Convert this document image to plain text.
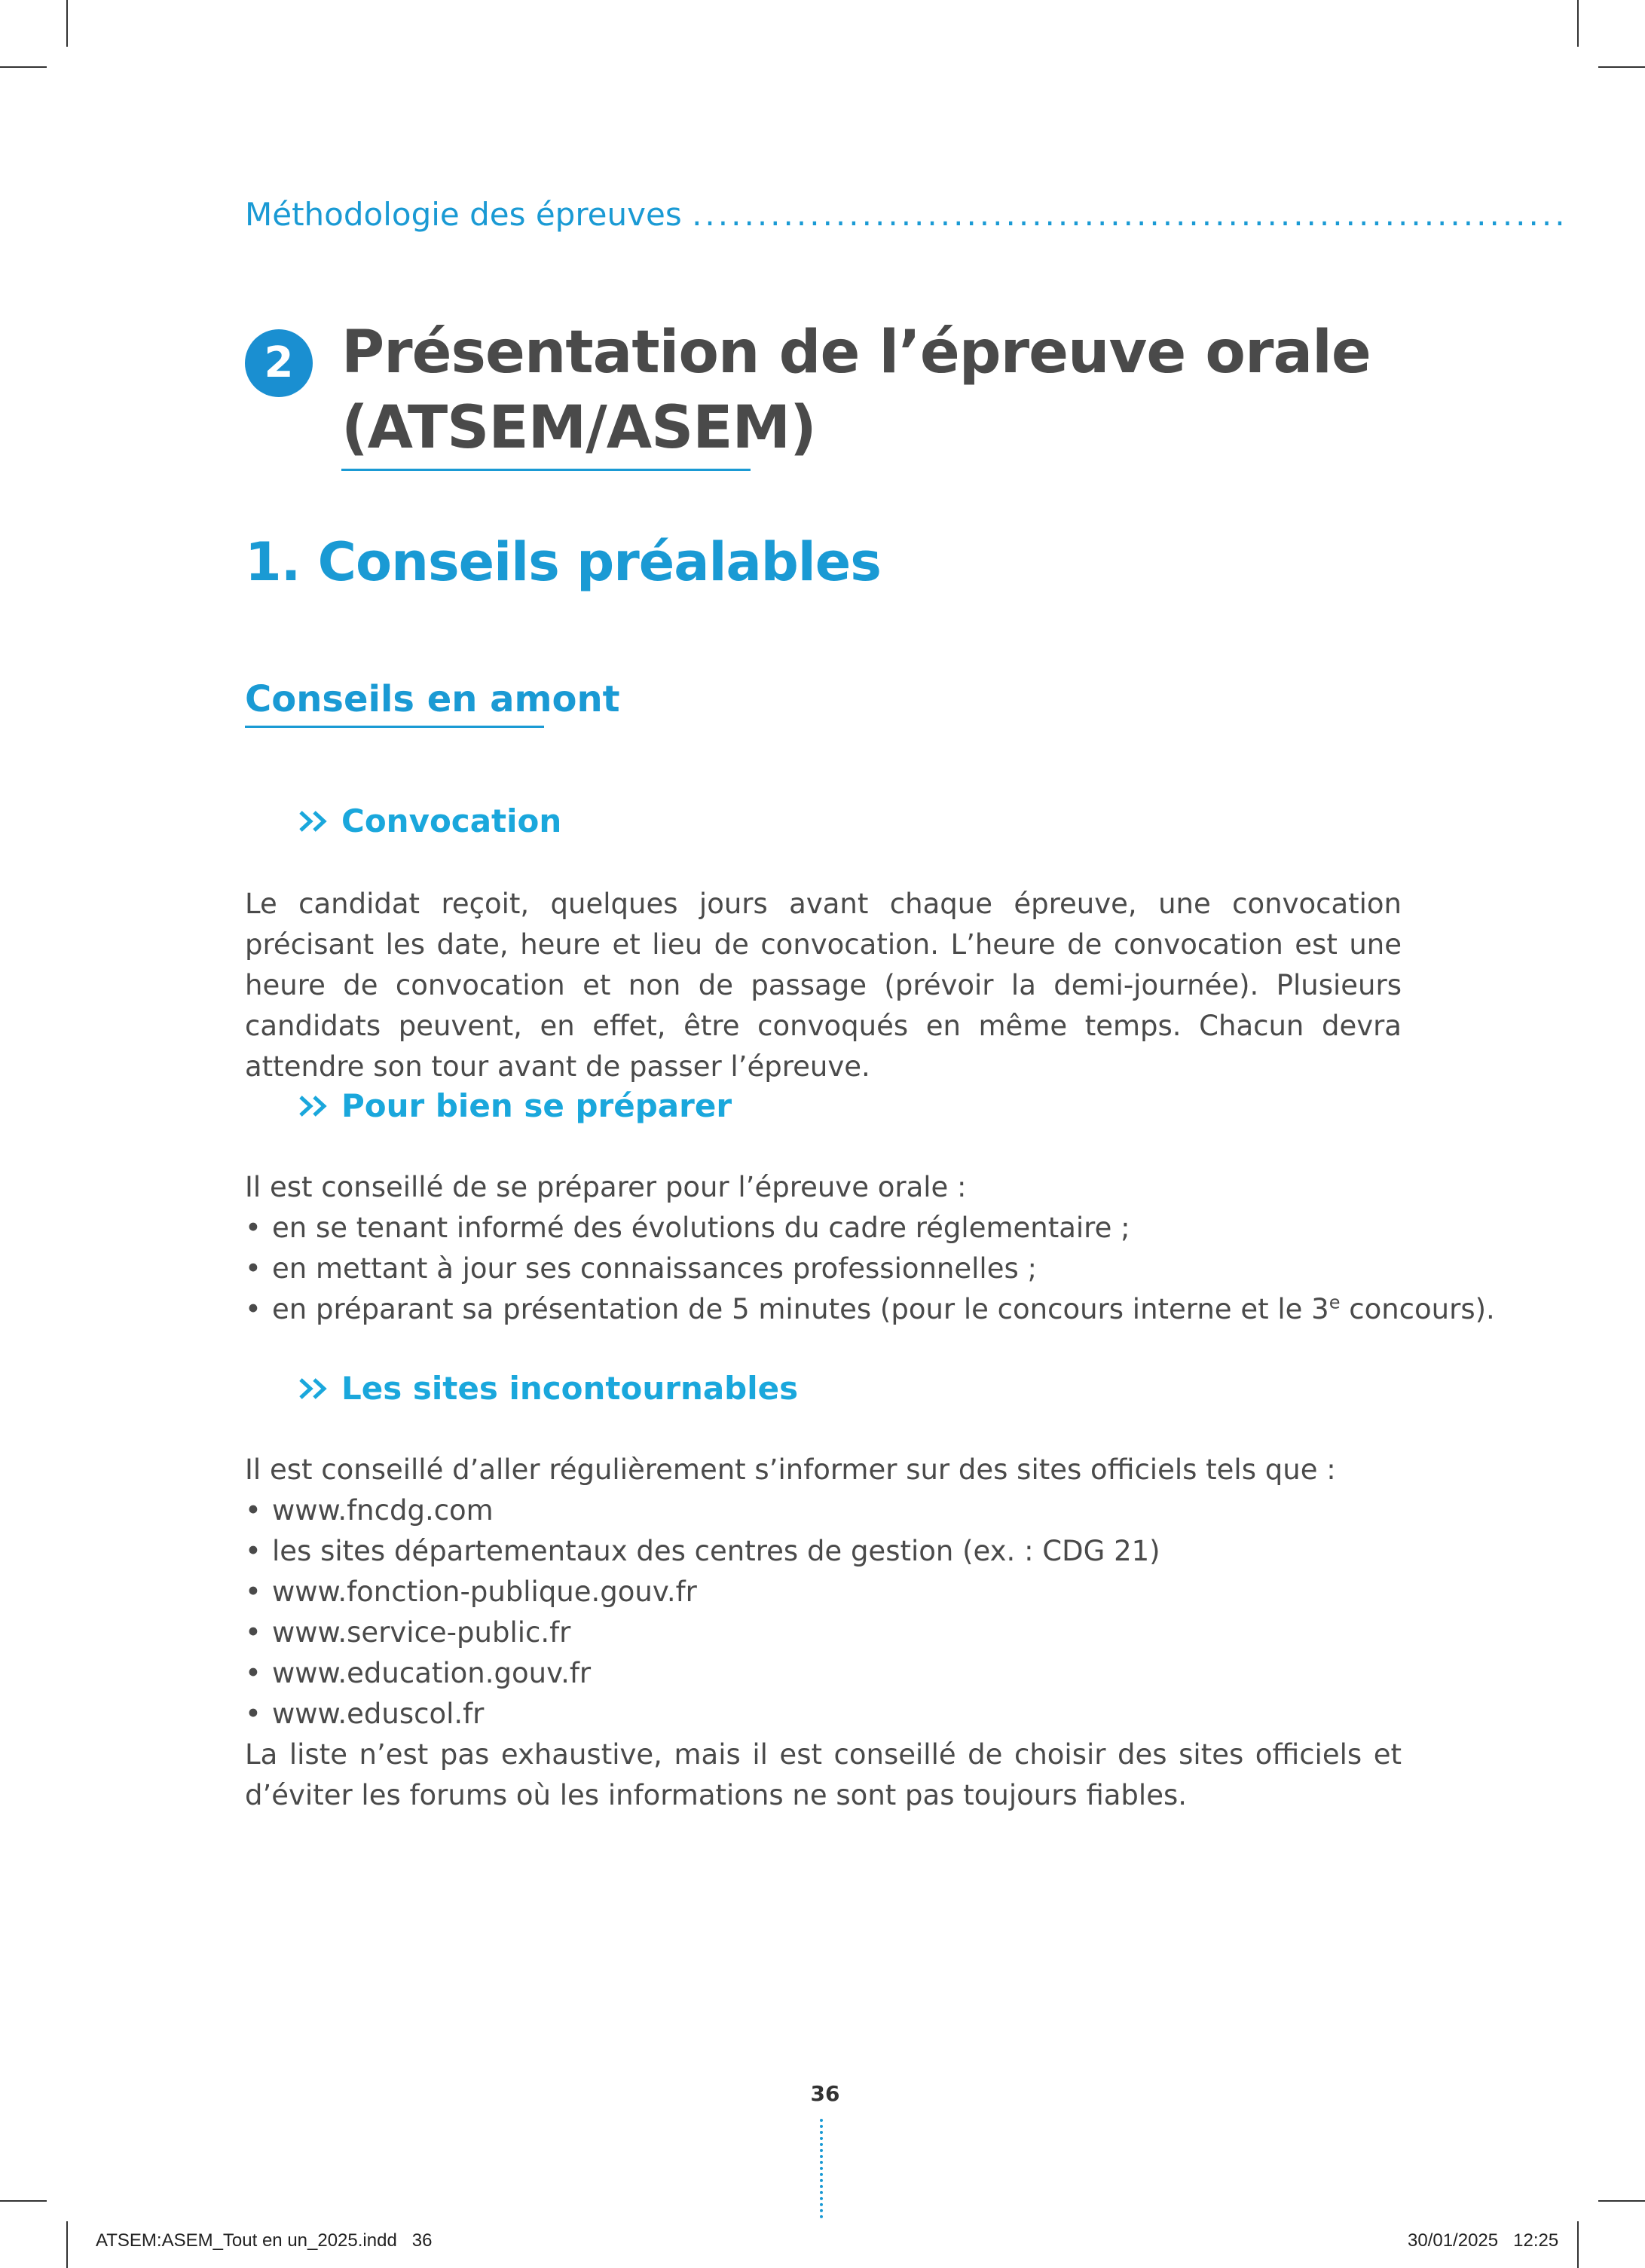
Méthodologie des épreuves ...................................................................
2 Présentation de l’épreuve orale
(ATSEM/ASEM)
1. Conseils préalables
Conseils en amont
Convocation
Le candidat reçoit, quelques jours avant chaque épreuve, une convocation précisant les date, heure et lieu de convocation. L’heure de convocation est une heure de convocation et non de passage (prévoir la demi-journée). Plusieurs candidats peuvent, en effet, être convoqués en même temps. Chacun devra attendre son tour avant de passer l’épreuve.
Pour bien se préparer
Il est conseillé de se préparer pour l’épreuve orale :
• en se tenant informé des évolutions du cadre réglementaire ;
• en mettant à jour ses connaissances professionnelles ;
• en préparant sa présentation de 5 minutes (pour le concours interne et le 3e concours).
Les sites incontournables
Il est conseillé d’aller régulièrement s’informer sur des sites officiels tels que :
• www.fncdg.com
• les sites départementaux des centres de gestion (ex. : CDG 21)
• www.fonction-publique.gouv.fr
• www.service-public.fr
• www.education.gouv.fr
• www.eduscol.fr
La liste n’est pas exhaustive, mais il est conseillé de choisir des sites officiels et d’éviter les forums où les informations ne sont pas toujours fiables.
36
ATSEM:ASEM_Tout en un_2025.indd   36	30/01/2025   12:25
